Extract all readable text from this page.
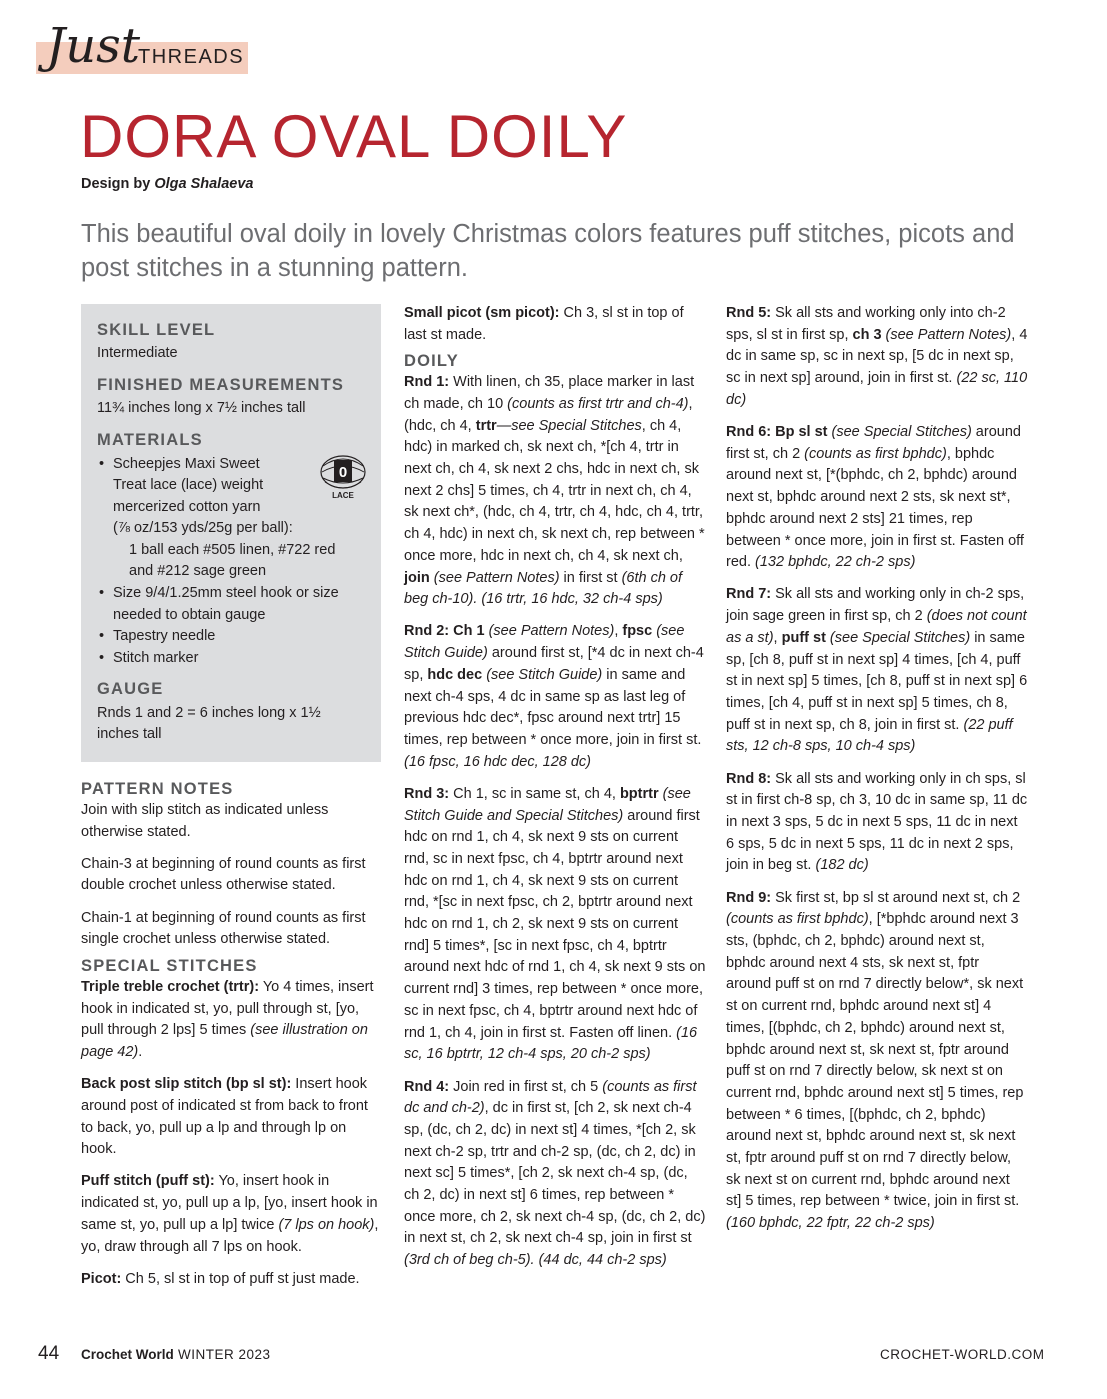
Just
THREADS
DORA OVAL DOILY
Design by Olga Shalaeva
This beautiful oval doily in lovely Christmas colors features puff stitches, picots and post stitches in a stunning pattern.
SKILL LEVEL
Intermediate
FINISHED MEASUREMENTS
11¾ inches long x 7½ inches tall
MATERIALS
• Scheepjes Maxi Sweet
Treat lace (lace) weight
mercerized cotton yarn
(⅞ oz/153 yds/25g per ball):
1 ball each #505 linen, #722 red
and #212 sage green
• Size 9/4/1.25mm steel hook or size
needed to obtain gauge
• Tapestry needle
• Stitch marker
GAUGE
Rnds 1 and 2 = 6 inches long x 1½ inches tall
0
LACE
PATTERN NOTES

Join with slip stitch as indicated unless otherwise stated.

Chain-3 at beginning of round counts as first double crochet unless otherwise stated.

Chain-1 at beginning of round counts as first single crochet unless otherwise stated.

SPECIAL STITCHES

Triple treble crochet (trtr): Yo 4 times, insert hook in indicated st, yo, pull through st, [yo, pull through 2 lps] 5 times (see illustration on page 42).

Back post slip stitch (bp sl st): Insert hook around post of indicated st from back to front to back, yo, pull up a lp and through lp on hook.

Puff stitch (puff st): Yo, insert hook in indicated st, yo, pull up a lp, [yo, insert hook in same st, yo, pull up a lp] twice (7 lps on hook), yo, draw through all 7 lps on hook.

Picot: Ch 5, sl st in top of puff st just made.

Small picot (sm picot): Ch 3, sl st in top of last st made.

DOILY

Rnd 1: With linen, ch 35, place marker in last ch made, ch 10 (counts as first trtr and ch-4), (hdc, ch 4, trtr—see Special Stitches, ch 4, hdc) in marked ch, sk next ch, *[ch 4, trtr in next ch, ch 4, sk next 2 chs, hdc in next ch, sk next 2 chs] 5 times, ch 4, trtr in next ch, ch 4, sk next ch*, (hdc, ch 4, trtr, ch 4, hdc, ch 4, trtr, ch 4, hdc) in next ch, sk next ch, rep between * once more, hdc in next ch, ch 4, sk next ch, join (see Pattern Notes) in first st (6th ch of beg ch-10). (16 trtr, 16 hdc, 32 ch-4 sps)

Rnd 2: Ch 1 (see Pattern Notes), fpsc (see Stitch Guide) around first st, [*4 dc in next ch-4 sp, hdc dec (see Stitch Guide) in same and next ch-4 sps, 4 dc in same sp as last leg of previous hdc dec*, fpsc around next trtr] 15 times, rep between * once more, join in first st. (16 fpsc, 16 hdc dec, 128 dc)

Rnd 3: Ch 1, sc in same st, ch 4, bptrtr (see Stitch Guide and Special Stitches) around first hdc on rnd 1, ch 4, sk next 9 sts on current rnd, sc in next fpsc, ch 4, bptrtr around next hdc on rnd 1, ch 4, sk next 9 sts on current rnd, *[sc in next fpsc, ch 2, bptrtr around next hdc on rnd 1, ch 2, sk next 9 sts on current rnd] 5 times*, [sc in next fpsc, ch 4, bptrtr around next hdc of rnd 1, ch 4, sk next 9 sts on current rnd] 3 times, rep between * once more, sc in next fpsc, ch 4, bptrtr around next hdc of rnd 1, ch 4, join in first st. Fasten off linen. (16 sc, 16 bptrtr, 12 ch-4 sps, 20 ch-2 sps)

Rnd 4: Join red in first st, ch 5 (counts as first dc and ch-2), dc in first st, [ch 2, sk next ch-4 sp, (dc, ch 2, dc) in next st] 4 times, *[ch 2, sk next ch-2 sp, trtr and ch-2 sp, (dc, ch 2, dc) in next sc] 5 times*, [ch 2, sk next ch-4 sp, (dc, ch 2, dc) in next st] 6 times, rep between * once more, ch 2, sk next ch-4 sp, (dc, ch 2, dc) in next st, ch 2, sk next ch-4 sp, join in first st (3rd ch of beg ch-5). (44 dc, 44 ch-2 sps)

Rnd 5: Sk all sts and working only into ch-2 sps, sl st in first sp, ch 3 (see Pattern Notes), 4 dc in same sp, sc in next sp, [5 dc in next sp, sc in next sp] around, join in first st. (22 sc, 110 dc)

Rnd 6: Bp sl st (see Special Stitches) around first st, ch 2 (counts as first bphdc), bphdc around next st, [*(bphdc, ch 2, bphdc) around next st, bphdc around next 2 sts, sk next st*, bphdc around next 2 sts] 21 times, rep between * once more, join in first st. Fasten off red. (132 bphdc, 22 ch-2 sps)

Rnd 7: Sk all sts and working only in ch-2 sps, join sage green in first sp, ch 2 (does not count as a st), puff st (see Special Stitches) in same sp, [ch 8, puff st in next sp] 4 times, [ch 4, puff st in next sp] 5 times, [ch 8, puff st in next sp] 6 times, [ch 4, puff st in next sp] 5 times, ch 8, puff st in next sp, ch 8, join in first st. (22 puff sts, 12 ch-8 sps, 10 ch-4 sps)

Rnd 8: Sk all sts and working only in ch sps, sl st in first ch-8 sp, ch 3, 10 dc in same sp, 11 dc in next 3 sps, 5 dc in next 5 sps, 11 dc in next 6 sps, 5 dc in next 5 sps, 11 dc in next 2 sps, join in beg st. (182 dc)

Rnd 9: Sk first st, bp sl st around next st, ch 2 (counts as first bphdc), [*bphdc around next 3 sts, (bphdc, ch 2, bphdc) around next st, bphdc around next 4 sts, sk next st, fptr around puff st on rnd 7 directly below*, sk next st on current rnd, bphdc around next st] 4 times, [(bphdc, ch 2, bphdc) around next st, bphdc around next st, sk next st, fptr around puff st on rnd 7 directly below, sk next st on current rnd, bphdc around next st] 5 times, rep between * 6 times, [(bphdc, ch 2, bphdc) around next st, bphdc around next st, sk next st, fptr around puff st on rnd 7 directly below, sk next st on current rnd, bphdc around next st] 5 times, rep between * twice, join in first st. (160 bphdc, 22 fptr, 22 ch-2 sps)

44 Crochet World WINTER 2023	CROCHET-WORLD.COM
